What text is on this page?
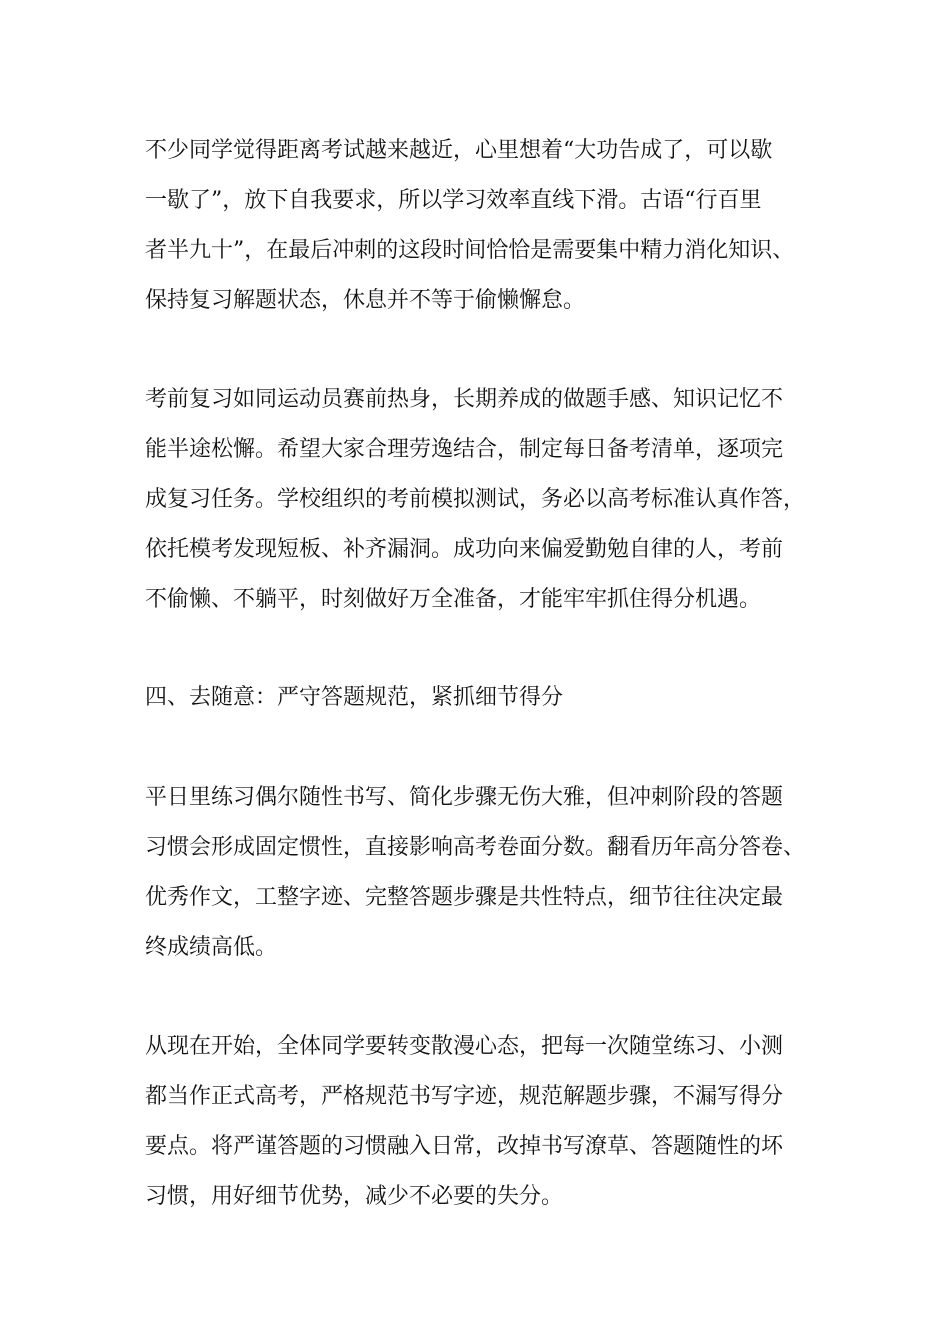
不少同学觉得距离考试越来越近，心里想着“大功告成了，可以歇
一歇了”，放下自我要求，所以学习效率直线下滑。古语“行百里
者半九十”，在最后冲刺的这段时间恰恰是需要集中精力消化知识、
保持复习解题状态，休息并不等于偷懒懈怠。
考前复习如同运动员赛前热身，长期养成的做题手感、知识记忆不
能半途松懈。希望大家合理劳逸结合，制定每日备考清单，逐项完
成复习任务。学校组织的考前模拟测试，务必以高考标准认真作答，
依托模考发现短板、补齐漏洞。成功向来偏爱勤勉自律的人，考前
不偷懒、不躺平，时刻做好万全准备，才能牢牢抓住得分机遇。
四、去随意：严守答题规范，紧抓细节得分
平日里练习偶尔随性书写、简化步骤无伤大雅，但冲刺阶段的答题
习惯会形成固定惯性，直接影响高考卷面分数。翻看历年高分答卷、
优秀作文，工整字迹、完整答题步骤是共性特点，细节往往决定最
终成绩高低。
从现在开始，全体同学要转变散漫心态，把每一次随堂练习、小测
都当作正式高考，严格规范书写字迹，规范解题步骤，不漏写得分
要点。将严谨答题的习惯融入日常，改掉书写潦草、答题随性的坏
习惯，用好细节优势，减少不必要的失分。
